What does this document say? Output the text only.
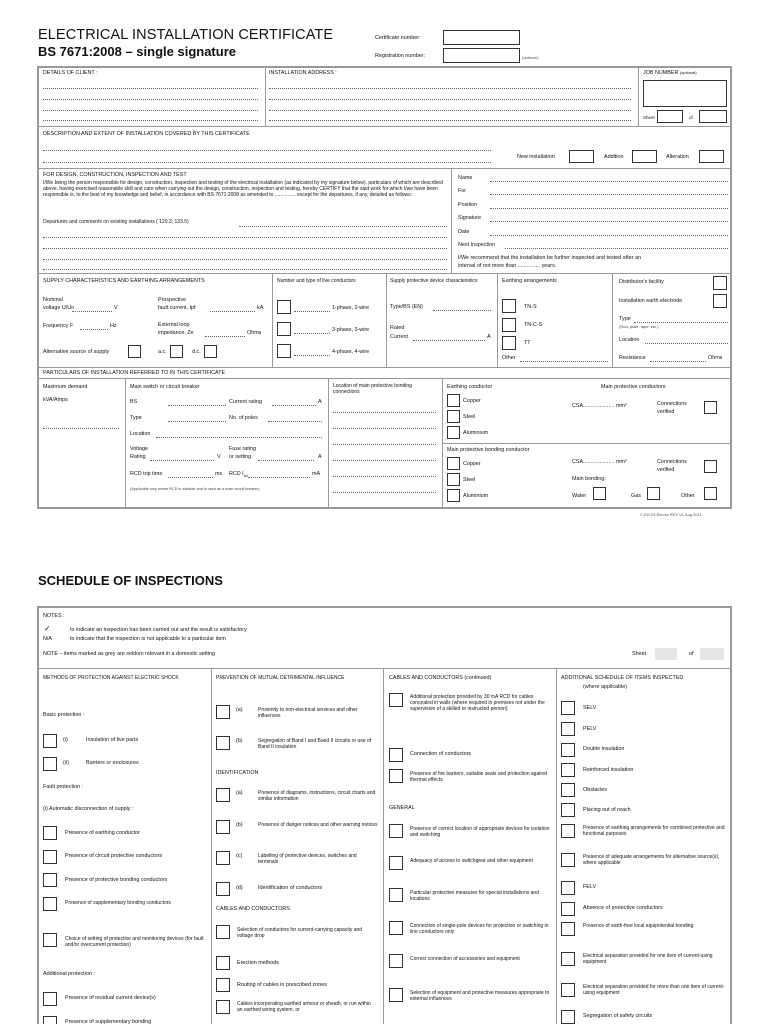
ELECTRICAL INSTALLATION CERTIFICATE
BS 7671:2008 – single signature
Certificate number:
Registration number:	(optional)
DETAILS OF CLIENT :	INSTALLATION ADDRESS :	JOB NUMBER (optional)
Sheet	of
DESCRIPTION AND EXTENT OF INSTALLATION COVERED BY THIS CERTIFICATE
New installation	Addition	Alteration
FOR DESIGN, CONSTRUCTION, INSPECTION AND TEST
I/We being the person responsible for design, construction, inspection and testing of the electrical installation (as indicated by my signature below), particulars of which are described above, having exercised reasonable skill and care when carrying out the design, construction, inspection and testing, hereby CERTIFY that the said work for which I/we have been responsible is, to the best of my knowledge and belief, in accordance with BS 7671:2008 as amended to ............... except for the departures, if any, detailed as follows:
Departures and comments on existing installations ( 120.3; 133.5)
Name
For
Position
Signature
Date
Next Inspection
I/We recommend that the installation be further inspected and tested after an
interval of not more than ............... years.
SUPPLY CHARACTERISTICS AND EARTHING ARRANGEMENTS
Nominal
voltage U/Uo	V
Prospective
fault current, Ipf	kA
Frequency F	Hz	External loop
impedance, Ze	Ohms
Alternative source of supply	a.c.	d.c.
Number and type of live conductors
1-phase, 2-wire
3-phase, 3-wire
4-phase, 4-wire
Supply protective device characteristics
Type/BS (EN)
Rated
Current	A
Earthing arrangements
TN-S
TN-C-S
TT
Other
Distributor's facility
Installation earth electrode
Type
(Rod, plate, tape, etc.)
Location
Resistance	Ohms
PARTICULARS OF INSTALLATION REFERRED TO IN THIS CERTIFICATE
Maximum demand
kVA/Amps
Main switch or circuit breaker
BS	Current rating	A
Type	No. of poles
Location
Voltage
Rating	V
Fuse rating
or setting	A
RCD trip time	ms RCD $I_{\Delta n}$	mA
(Applicable only where RCD is suitable and is used as a main circuit breaker)
Location of main protective bonding connections
Earthing conductor
Copper
Steel
Aluminium
Main protective conductors
CSA..................... mm²	Connections
verified
Main protective bonding conductor
Copper
Steel
Aluminium
CSA..................... mm²	Connections
verified
Main bonding:
Water	Gas	Other
C-EIC03-Elecsa REV V1 Aug 2011
SCHEDULE OF INSPECTIONS
NOTES :
✓	to indicate an inspection has been carried out and the result is satisfactory
N/A	to indicate that the inspection is not applicable to a particular item
NOTE – items marked as grey are seldom relevant in a domestic setting	Sheet	of
METHODS OF PROTECTION AGAINST ELECTRIC SHOCK
Basic protection :
(i)	Insulation of live parts
(ii)	Barriers or enclosures
Fault protection :
(i) Automatic disconnection of supply :
Presence of earthing conductor
Presence of circuit protective conductors
Presence of protective bonding conductors
Presence of supplementary bonding conductors
Choice of setting of protective and monitoring devices (for fault and/or overcurrent protection)
Additional protection :
Presence of residual current device(s)
Presence of supplementary bonding
PREVENTION OF MUTUAL DETRIMENTAL INFLUENCE
(a)	Proximity to non-electrical services and other influences
(b)	Segregation of Band I and Band II circuits or use of Band II insulation
IDENTIFICATION
(a)	Presence of diagrams, instructions, circuit charts and similar information
(b)	Presence of danger notices and other warning notices
(c)	Labelling of protective devices, switches and terminals
(d)	Identification of conductors
CABLES AND CONDUCTORS
Selection of conductors for current-carrying capacity and voltage drop
Erection methods
Routing of cables in prescribed zones
Cables incorporating earthed armour or sheath, or run within an earthed wiring system, or
CABLES AND CONDUCTORS (continued)
Additional protection provided by 30 mA RCD for cables concealed in walls (where required in premises not under the supervision of a skilled or instructed person)
Connection of conductors
Presence of fire barriers, suitable seals and protection against thermal effects
GENERAL
Presence of correct location of appropriate devices for isolation and switching
Adequacy of access to switchgear and other equipment
Particular protective measures for special installations and locations
Connection of single-pole devices for protection or switching in line conductors only
Correct connection of accessories and equipment
Selection of equipment and protective measures appropriate to external influences
ADDITIONAL SCHEDULE OF ITEMS INSPECTED
(where applicable)
SELV
PELV
Double insulation
Reinforced insulation
Obstacles
Placing out of reach
Presence of earthing arrangements for combined protective and functional purposes
Presence of adequate arrangements for alternative source(s), where applicable
FELV
Absence of protective conductors
Presence of earth-free local equipotential bonding
Electrical separation provided for one item of current-using equipment
Electrical separation provided for more than one item of current-using equipment
Segregation of safety circuits
